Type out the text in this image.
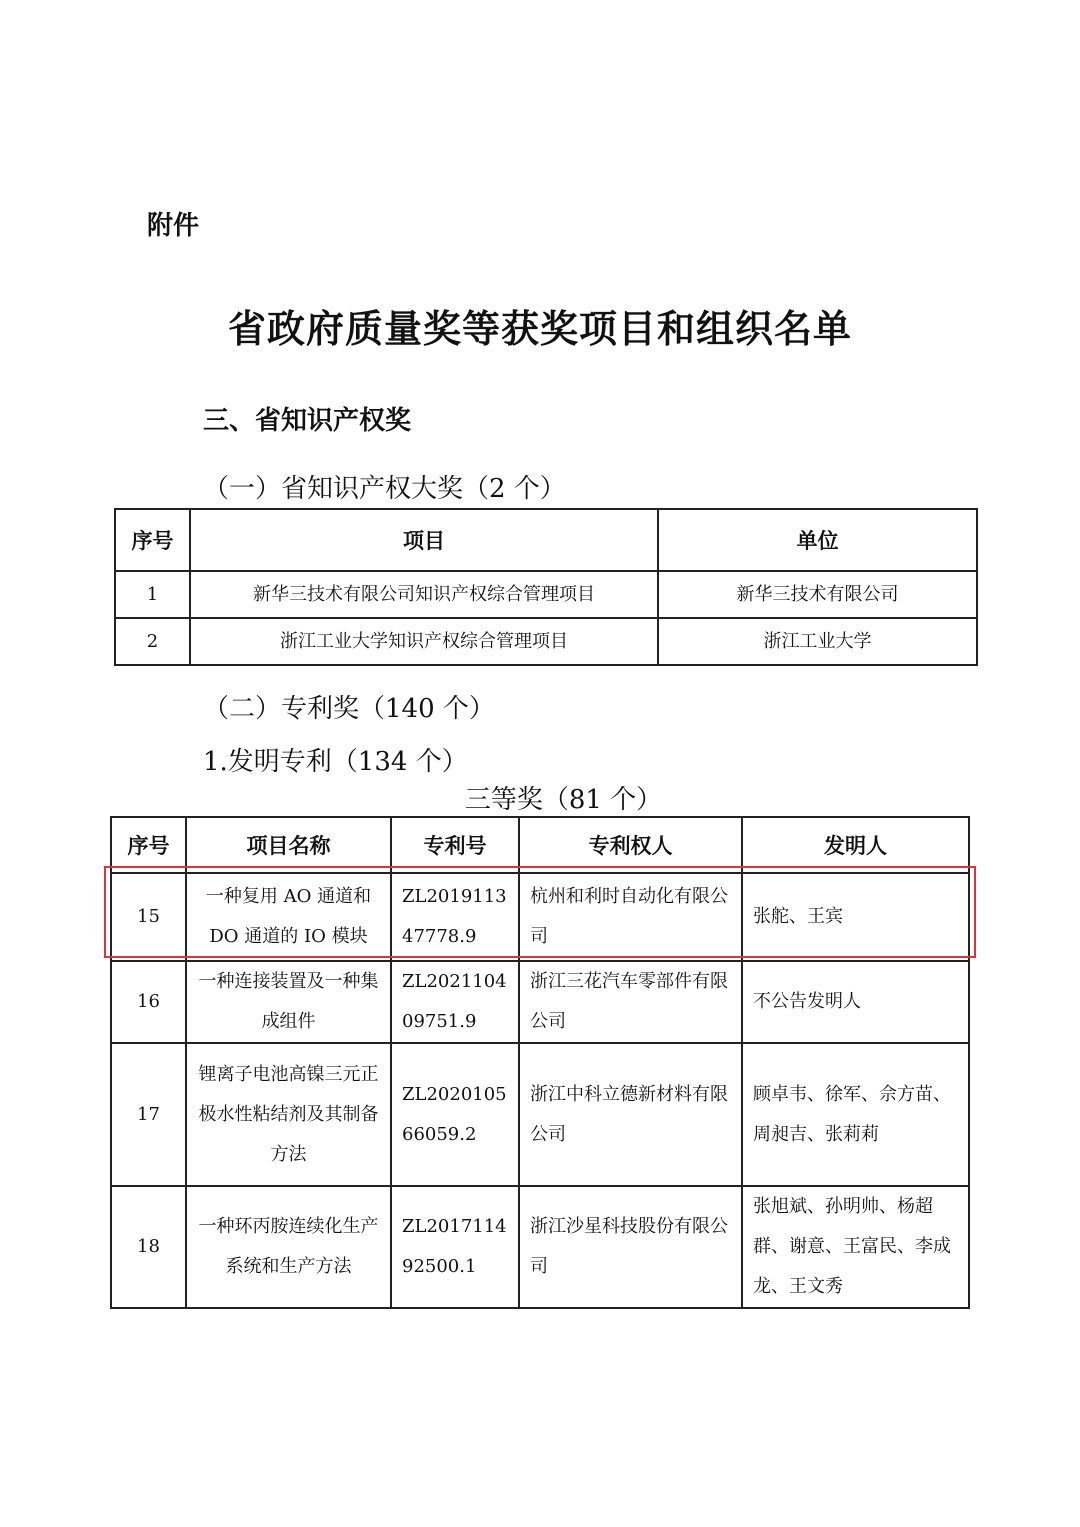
附件
省政府质量奖等获奖项目和组织名单
三、省知识产权奖
（一）省知识产权大奖（2 个）
序号	项目	单位
1	新华三技术有限公司知识产权综合管理项目	新华三技术有限公司
2	浙江工业大学知识产权综合管理项目	浙江工业大学
（二）专利奖（140 个）
1.发明专利（134 个）
三等奖（81 个）
序号	项目名称	专利号	专利权人	发明人
15	一种复用 AO 通道和 DO 通道的 IO 模块	ZL201911347778.9	杭州和利时自动化有限公司	张舵、王宾
16	一种连接装置及一种集成组件	ZL202110409751.9	浙江三花汽车零部件有限公司	不公告发明人
17	锂离子电池高镍三元正极水性粘结剂及其制备方法	ZL202010566059.2	浙江中科立德新材料有限公司	顾卓韦、徐军、佘方苗、周昶吉、张莉莉
18	一种环丙胺连续化生产系统和生产方法	ZL201711492500.1	浙江沙星科技股份有限公司	张旭斌、孙明帅、杨超群、谢意、王富民、李成龙、王文秀
